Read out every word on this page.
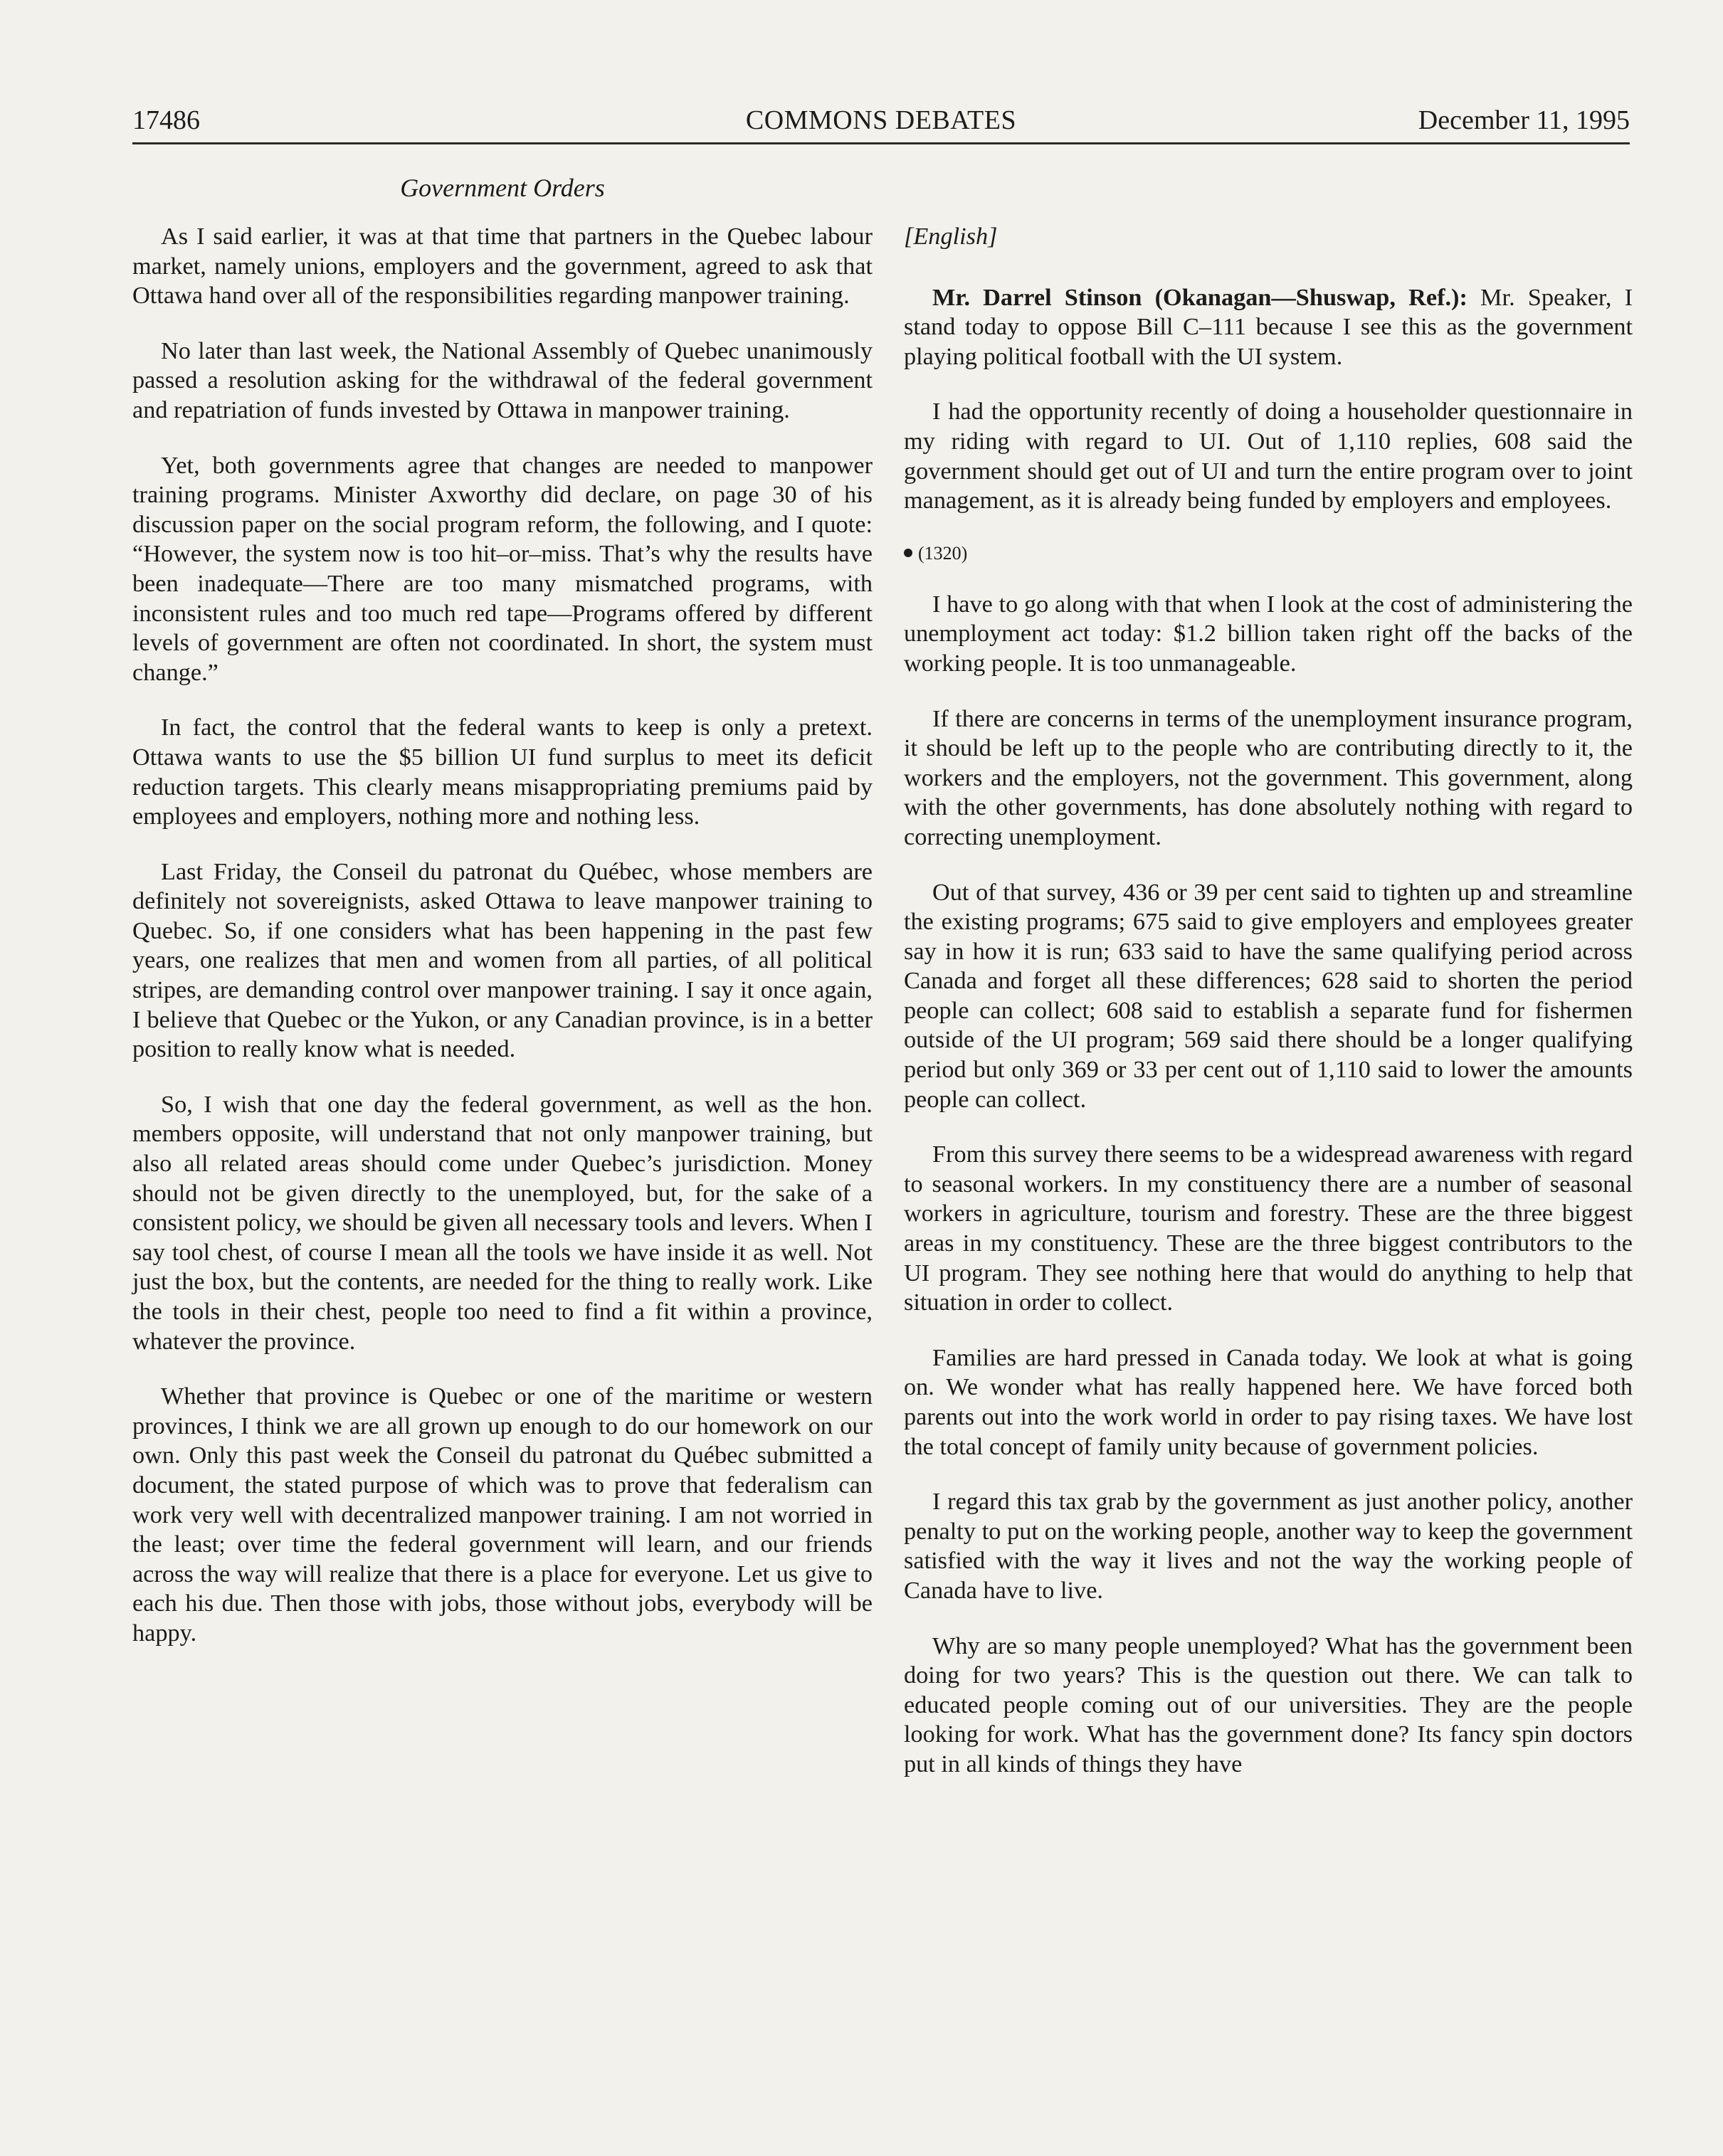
17486	COMMONS DEBATES	December 11, 1995
Government Orders

As I said earlier, it was at that time that partners in the Quebec labour market, namely unions, employers and the government, agreed to ask that Ottawa hand over all of the responsibilities regarding manpower training.

No later than last week, the National Assembly of Quebec unanimously passed a resolution asking for the withdrawal of the federal government and repatriation of funds invested by Ottawa in manpower training.

Yet, both governments agree that changes are needed to manpower training programs. Minister Axworthy did declare, on page 30 of his discussion paper on the social program reform, the following, and I quote: “However, the system now is too hit–or–miss. That’s why the results have been inadequate—There are too many mismatched programs, with inconsistent rules and too much red tape—Programs offered by different levels of government are often not coordinated. In short, the system must change.”

In fact, the control that the federal wants to keep is only a pretext. Ottawa wants to use the $5 billion UI fund surplus to meet its deficit reduction targets. This clearly means misappropriating premiums paid by employees and employers, nothing more and nothing less.

Last Friday, the Conseil du patronat du Québec, whose members are definitely not sovereignists, asked Ottawa to leave manpower training to Quebec. So, if one considers what has been happening in the past few years, one realizes that men and women from all parties, of all political stripes, are demanding control over manpower training. I say it once again, I believe that Quebec or the Yukon, or any Canadian province, is in a better position to really know what is needed.

So, I wish that one day the federal government, as well as the hon. members opposite, will understand that not only manpower training, but also all related areas should come under Quebec’s jurisdiction. Money should not be given directly to the unemployed, but, for the sake of a consistent policy, we should be given all necessary tools and levers. When I say tool chest, of course I mean all the tools we have inside it as well. Not just the box, but the contents, are needed for the thing to really work. Like the tools in their chest, people too need to find a fit within a province, whatever the province.

Whether that province is Quebec or one of the maritime or western provinces, I think we are all grown up enough to do our homework on our own. Only this past week the Conseil du patronat du Québec submitted a document, the stated purpose of which was to prove that federalism can work very well with decentralized manpower training. I am not worried in the least; over time the federal government will learn, and our friends across the way will realize that there is a place for everyone. Let us give to each his due. Then those with jobs, those without jobs, everybody will be happy.

[English]

Mr. Darrel Stinson (Okanagan—Shuswap, Ref.): Mr. Speaker, I stand today to oppose Bill C–111 because I see this as the government playing political football with the UI system.

I had the opportunity recently of doing a householder questionnaire in my riding with regard to UI. Out of 1,110 replies, 608 said the government should get out of UI and turn the entire program over to joint management, as it is already being funded by employers and employees.

(1320)

I have to go along with that when I look at the cost of administering the unemployment act today: $1.2 billion taken right off the backs of the working people. It is too unmanageable.

If there are concerns in terms of the unemployment insurance program, it should be left up to the people who are contributing directly to it, the workers and the employers, not the government. This government, along with the other governments, has done absolutely nothing with regard to correcting unemployment.

Out of that survey, 436 or 39 per cent said to tighten up and streamline the existing programs; 675 said to give employers and employees greater say in how it is run; 633 said to have the same qualifying period across Canada and forget all these differences; 628 said to shorten the period people can collect; 608 said to establish a separate fund for fishermen outside of the UI program; 569 said there should be a longer qualifying period but only 369 or 33 per cent out of 1,110 said to lower the amounts people can collect.

From this survey there seems to be a widespread awareness with regard to seasonal workers. In my constituency there are a number of seasonal workers in agriculture, tourism and forestry. These are the three biggest areas in my constituency. These are the three biggest contributors to the UI program. They see nothing here that would do anything to help that situation in order to collect.

Families are hard pressed in Canada today. We look at what is going on. We wonder what has really happened here. We have forced both parents out into the work world in order to pay rising taxes. We have lost the total concept of family unity because of government policies.

I regard this tax grab by the government as just another policy, another penalty to put on the working people, another way to keep the government satisfied with the way it lives and not the way the working people of Canada have to live.

Why are so many people unemployed? What has the government been doing for two years? This is the question out there. We can talk to educated people coming out of our universities. They are the people looking for work. What has the government done? Its fancy spin doctors put in all kinds of things they have
